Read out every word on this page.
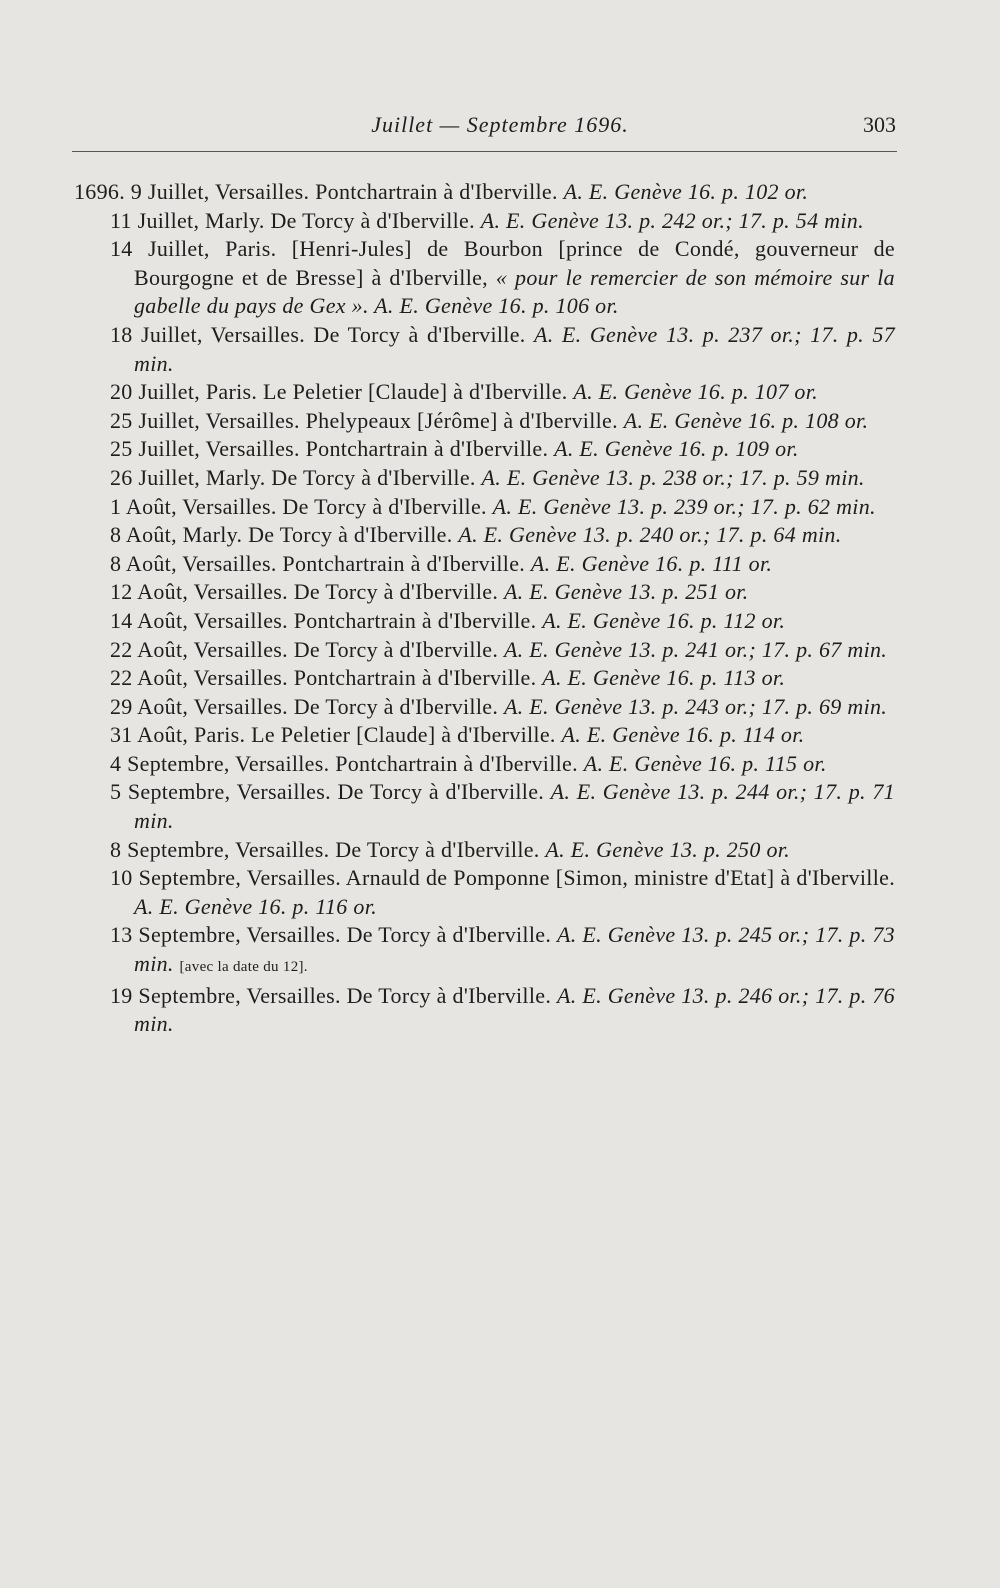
Juillet — Septembre 1696.	303
1696. 9 Juillet, Versailles. Pontchartrain à d'Iberville. A. E. Genève 16. p. 102 or.
11 Juillet, Marly. De Torcy à d'Iberville. A. E. Genève 13. p. 242 or.; 17. p. 54 min.
14 Juillet, Paris. [Henri-Jules] de Bourbon [prince de Condé, gouverneur de Bourgogne et de Bresse] à d'Iberville, « pour le remercier de son mémoire sur la gabelle du pays de Gex ». A. E. Genève 16. p. 106 or.
18 Juillet, Versailles. De Torcy à d'Iberville. A. E. Genève 13. p. 237 or.; 17. p. 57 min.
20 Juillet, Paris. Le Peletier [Claude] à d'Iberville. A. E. Genève 16. p. 107 or.
25 Juillet, Versailles. Phelypeaux [Jérôme] à d'Iberville. A. E. Genève 16. p. 108 or.
25 Juillet, Versailles. Pontchartrain à d'Iberville. A. E. Genève 16. p. 109 or.
26 Juillet, Marly. De Torcy à d'Iberville. A. E. Genève 13. p. 238 or.; 17. p. 59 min.
1 Août, Versailles. De Torcy à d'Iberville. A. E. Genève 13. p. 239 or.; 17. p. 62 min.
8 Août, Marly. De Torcy à d'Iberville. A. E. Genève 13. p. 240 or.; 17. p. 64 min.
8 Août, Versailles. Pontchartrain à d'Iberville. A. E. Genève 16. p. 111 or.
12 Août, Versailles. De Torcy à d'Iberville. A. E. Genève 13. p. 251 or.
14 Août, Versailles. Pontchartrain à d'Iberville. A. E. Genève 16. p. 112 or.
22 Août, Versailles. De Torcy à d'Iberville. A. E. Genève 13. p. 241 or.; 17. p. 67 min.
22 Août, Versailles. Pontchartrain à d'Iberville. A. E. Genève 16. p. 113 or.
29 Août, Versailles. De Torcy à d'Iberville. A. E. Genève 13. p. 243 or.; 17. p. 69 min.
31 Août, Paris. Le Peletier [Claude] à d'Iberville. A. E. Genève 16. p. 114 or.
4 Septembre, Versailles. Pontchartrain à d'Iberville. A. E. Genève 16. p. 115 or.
5 Septembre, Versailles. De Torcy à d'Iberville. A. E. Genève 13. p. 244 or.; 17. p. 71 min.
8 Septembre, Versailles. De Torcy à d'Iberville. A. E. Genève 13. p. 250 or.
10 Septembre, Versailles. Arnauld de Pomponne [Simon, ministre d'Etat] à d'Iberville. A. E. Genève 16. p. 116 or.
13 Septembre, Versailles. De Torcy à d'Iberville. A. E. Genève 13. p. 245 or.; 17. p. 73 min. [avec la date du 12].
19 Septembre, Versailles. De Torcy à d'Iberville. A. E. Genève 13. p. 246 or.; 17. p. 76 min.
